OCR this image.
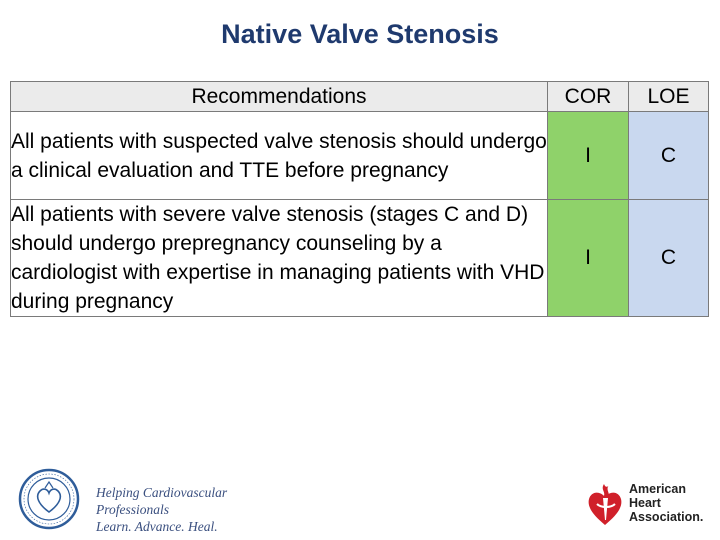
Native Valve Stenosis
Recommendations	COR	LOE
All patients with suspected valve stenosis should undergo a clinical evaluation and TTE before pregnancy	I	C
All patients with severe valve stenosis (stages C and D) should undergo prepregnancy counseling by a cardiologist with expertise in managing patients with VHD during pregnancy	I	C
Helping Cardiovascular Professionals
Learn. Advance. Heal.
American
Heart
Association.
